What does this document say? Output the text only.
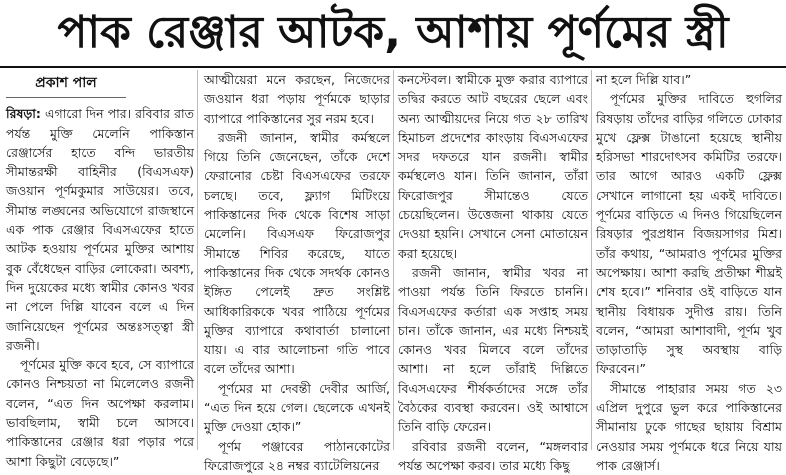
পাক রেঞ্জার আটক, আশায় পূর্ণমের স্ত্রী
প্রকাশ পাল

রিষড়া: এগারো দিন পার। রবিবার রাত পর্যন্ত মুক্তি মেলেনি পাকিস্তান রেঞ্জার্সের হাতে বন্দি ভারতীয় সীমান্তরক্ষী বাহিনীর (বিএসএফ) জওয়ান পূর্ণমকুমার সাউয়ের। তবে, সীমান্ত লঙ্ঘনের অভিযোগে রাজস্থানে এক পাক রেঞ্জার বিএসএফের হাতে আটক হওয়ায় পূর্ণমের মুক্তির আশায় বুক বেঁধেছেন বাড়ির লোকেরা। অবশ্য, দিন দুয়েকের মধ্যে স্বামীর কোনও খবর না পেলে দিল্লি যাবেন বলে এ দিন জানিয়েছেন পূর্ণমের অন্তঃসত্ত্বা স্ত্রী রজনী।

পূর্ণমের মুক্তি কবে হবে, সে ব্যাপারে কোনও নিশ্চয়তা না মিলেলেও রজনী বলেন, “এত দিন অপেক্ষা করলাম। ভাবছিলাম, স্বামী চলে আসবে। পাকিস্তানের রেঞ্জার ধরা পড়ার পরে আশা কিছুটা বেড়েছে।”

আত্মীয়েরা মনে করছেন, নিজেদের জওয়ান ধরা পড়ায় পূর্ণমকে ছাড়ার ব্যাপারে পাকিস্তানের সুর নরম হবে।

রজনী জানান, স্বামীর কর্মস্থলে গিয়ে তিনি জেনেছেন, তাঁকে দেশে ফেরানোর চেষ্টা বিএসএফের তরফে চলছে। তবে, ফ্ল্যাগ মিটিংয়ে পাকিস্তানের দিক থেকে বিশেষ সাড়া মেলেনি। বিএসএফ ফিরোজপুর সীমান্তে শিবির করেছে, যাতে পাকিস্তানের দিক থেকে সদর্থক কোনও ইঙ্গিত পেলেই দ্রুত সংশ্লিষ্ট আধিকারিককে খবর পাঠিয়ে পূর্ণমের মুক্তির ব্যাপারে কথাবার্তা চালানো যায়। এ বার আলোচনা গতি পাবে বলে তাঁদের আশা।

পূর্ণমের মা দেবন্তী দেবীর আর্জি, “এত দিন হয়ে গেল। ছেলেকে এখনই মুক্তি দেওয়া হোক।”

পূর্ণম পঞ্জাবের পাঠানকোটের ফিরোজপুরে ২৪ নম্বর ব্যাটেলিয়নের

কনস্টেবল। স্বামীকে মুক্ত করার ব্যাপারে তদ্বির করতে আট বছরের ছেলে এবং অন্য আত্মীয়দের নিয়ে গত ২৮ তারিখ হিমাচল প্রদেশের কাংড়ায় বিএসএফের সদর দফতরে যান রজনী। স্বামীর কর্মস্থলেও যান। তিনি জানান, তাঁরা ফিরোজপুর সীমান্তেও যেতে চেয়েছিলেন। উত্তেজনা থাকায় যেতে দেওয়া হয়নি। সেখানে সেনা মোতায়েন করা হয়েছে।

রজনী জানান, স্বামীর খবর না পাওয়া পর্যন্ত তিনি ফিরতে চাননি। বিএসএফের কর্তারা এক সপ্তাহ সময় চান। তাঁকে জানান, এর মধ্যে নিশ্চয়ই কোনও খবর মিলবে বলে তাঁদের আশা। না হলে তাঁরাই দিল্লিতে বিএসএফের শীর্ষকর্তাদের সঙ্গে তাঁর বৈঠকের ব্যবস্থা করবেন। ওই আশ্বাসে তিনি বাড়ি ফেরেন।

রবিবার রজনী বলেন, “মঙ্গলবার পর্যন্ত অপেক্ষা করব। তার মধ্যে কিছু

না হলে দিল্লি যাব।”

পূর্ণমের মুক্তির দাবিতে হুগলির রিষড়ায় তাঁদের বাড়ির গলিতে ঢোকার মুখে ফ্লেক্স টাঙানো হয়েছে স্থানীয় হরিসভা শারদোৎসব কমিটির তরফে। তার আগে আরও একটি ফ্লেক্স সেখানে লাগানো হয় একই দাবিতে। পূর্ণমের বাড়িতে এ দিনও গিয়েছিলেন রিষড়ার পুরপ্রধান বিজয়সাগর মিশ্র। তাঁর কথায়, “আমরাও পূর্ণমের মুক্তির অপেক্ষায়। আশা করছি প্রতীক্ষা শীঘ্রই শেষ হবে।” শনিবার ওই বাড়িতে যান স্থানীয় বিধায়ক সুদীপ্ত রায়। তিনি বলেন, “আমরা আশাবাদী, পূর্ণম খুব তাড়াতাড়ি সুস্থ অবস্থায় বাড়ি ফিরবেন।”

সীমান্তে পাহারার সময় গত ২৩ এপ্রিল দুপুরে ভুল করে পাকিস্তানের সীমানায় ঢুকে গাছের ছায়ায় বিশ্রাম নেওয়ার সময় পূর্ণমকে ধরে নিয়ে যায় পাক রেঞ্জার্স।
